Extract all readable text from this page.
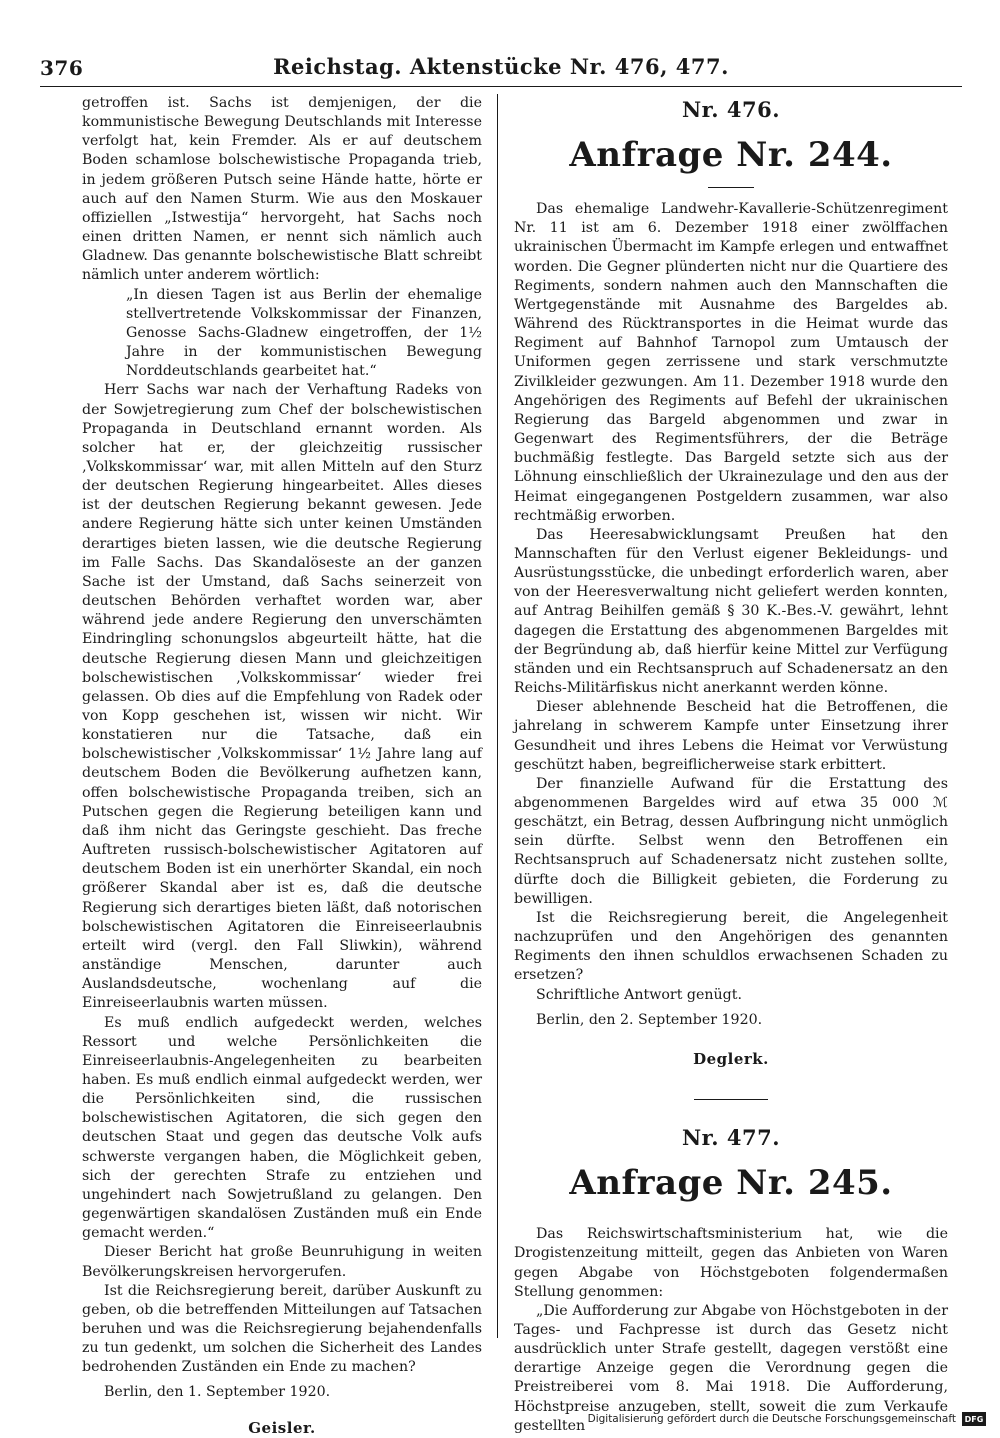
376	Reichstag. Aktenstücke Nr. 476, 477.

getroffen ist. Sachs ist demjenigen, der die kommunistische Bewegung Deutschlands mit Interesse verfolgt hat, kein Fremder. Als er auf deutschem Boden schamlose bolschewistische Propaganda trieb, in jedem größeren Putsch seine Hände hatte, hörte er auch auf den Namen Sturm. Wie aus den Moskauer offiziellen „Istwestija“ hervorgeht, hat Sachs noch einen dritten Namen, er nennt sich nämlich auch Gladnew. Das genannte bolschewistische Blatt schreibt nämlich unter anderem wörtlich:

„In diesen Tagen ist aus Berlin der ehemalige stellvertretende Volkskommissar der Finanzen, Genosse Sachs-Gladnew eingetroffen, der 1½ Jahre in der kommunistischen Bewegung Norddeutschlands gearbeitet hat.“

Herr Sachs war nach der Verhaftung Radeks von der Sowjetregierung zum Chef der bolschewistischen Propaganda in Deutschland ernannt worden. Als solcher hat er, der gleichzeitig russischer ‚Volkskommissar‘ war, mit allen Mitteln auf den Sturz der deutschen Regierung hingearbeitet. Alles dieses ist der deutschen Regierung bekannt gewesen. Jede andere Regierung hätte sich unter keinen Umständen derartiges bieten lassen, wie die deutsche Regierung im Falle Sachs. Das Skandalöseste an der ganzen Sache ist der Umstand, daß Sachs seinerzeit von deutschen Behörden verhaftet worden war, aber während jede andere Regierung den unverschämten Eindringling schonungslos abgeurteilt hätte, hat die deutsche Regierung diesen Mann und gleichzeitigen bolschewistischen ‚Volkskommissar‘ wieder frei gelassen. Ob dies auf die Empfehlung von Radek oder von Kopp geschehen ist, wissen wir nicht. Wir konstatieren nur die Tatsache, daß ein bolschewistischer ‚Volkskommissar‘ 1½ Jahre lang auf deutschem Boden die Bevölkerung aufhetzen kann, offen bolschewistische Propaganda treiben, sich an Putschen gegen die Regierung beteiligen kann und daß ihm nicht das Geringste geschieht. Das freche Auftreten russisch-bolschewistischer Agitatoren auf deutschem Boden ist ein unerhörter Skandal, ein noch größerer Skandal aber ist es, daß die deutsche Regierung sich derartiges bieten läßt, daß notorischen bolschewistischen Agitatoren die Einreiseerlaubnis erteilt wird (vergl. den Fall Sliwkin), während anständige Menschen, darunter auch Auslandsdeutsche, wochenlang auf die Einreiseerlaubnis warten müssen.

Es muß endlich aufgedeckt werden, welches Ressort und welche Persönlichkeiten die Einreiseerlaubnis-Angelegenheiten zu bearbeiten haben. Es muß endlich einmal aufgedeckt werden, wer die Persönlichkeiten sind, die russischen bolschewistischen Agitatoren, die sich gegen den deutschen Staat und gegen das deutsche Volk aufs schwerste vergangen haben, die Möglichkeit geben, sich der gerechten Strafe zu entziehen und ungehindert nach Sowjetrußland zu gelangen. Den gegenwärtigen skandalösen Zuständen muß ein Ende gemacht werden.“

Dieser Bericht hat große Beunruhigung in weiten Bevölkerungskreisen hervorgerufen.

Ist die Reichsregierung bereit, darüber Auskunft zu geben, ob die betreffenden Mitteilungen auf Tatsachen beruhen und was die Reichsregierung bejahendenfalls zu tun gedenkt, um solchen die Sicherheit des Landes bedrohenden Zuständen ein Ende zu machen?

Berlin, den 1. September 1920.

Geisler.

Nr. 476.
Anfrage Nr. 244.

Das ehemalige Landwehr-Kavallerie-Schützenregiment Nr. 11 ist am 6. Dezember 1918 einer zwölffachen ukrainischen Übermacht im Kampfe erlegen und entwaffnet worden. Die Gegner plünderten nicht nur die Quartiere des Regiments, sondern nahmen auch den Mannschaften die Wertgegenstände mit Ausnahme des Bargeldes ab. Während des Rücktransportes in die Heimat wurde das Regiment auf Bahnhof Tarnopol zum Umtausch der Uniformen gegen zerrissene und stark verschmutzte Zivilkleider gezwungen. Am 11. Dezember 1918 wurde den Angehörigen des Regiments auf Befehl der ukrainischen Regierung das Bargeld abgenommen und zwar in Gegenwart des Regimentsführers, der die Beträge buchmäßig festlegte. Das Bargeld setzte sich aus der Löhnung einschließlich der Ukrainezulage und den aus der Heimat eingegangenen Postgeldern zusammen, war also rechtmäßig erworben.

Das Heeresabwicklungsamt Preußen hat den Mannschaften für den Verlust eigener Bekleidungs- und Ausrüstungsstücke, die unbedingt erforderlich waren, aber von der Heeresverwaltung nicht geliefert werden konnten, auf Antrag Beihilfen gemäß § 30 K.-Bes.-V. gewährt, lehnt dagegen die Erstattung des abgenommenen Bargeldes mit der Begründung ab, daß hierfür keine Mittel zur Verfügung ständen und ein Rechtsanspruch auf Schadenersatz an den Reichs-Militärfiskus nicht anerkannt werden könne.

Dieser ablehnende Bescheid hat die Betroffenen, die jahrelang in schwerem Kampfe unter Einsetzung ihrer Gesundheit und ihres Lebens die Heimat vor Verwüstung geschützt haben, begreiflicherweise stark erbittert.

Der finanzielle Aufwand für die Erstattung des abgenommenen Bargeldes wird auf etwa 35 000 ℳ geschätzt, ein Betrag, dessen Aufbringung nicht unmöglich sein dürfte. Selbst wenn den Betroffenen ein Rechtsanspruch auf Schadenersatz nicht zustehen sollte, dürfte doch die Billigkeit gebieten, die Forderung zu bewilligen.

Ist die Reichsregierung bereit, die Angelegenheit nachzuprüfen und den Angehörigen des genannten Regiments den ihnen schuldlos erwachsenen Schaden zu ersetzen?

Schriftliche Antwort genügt.

Berlin, den 2. September 1920.

Deglerk.
Nr. 477.
Anfrage Nr. 245.

Das Reichswirtschaftsministerium hat, wie die Drogistenzeitung mitteilt, gegen das Anbieten von Waren gegen Abgabe von Höchstgeboten folgendermaßen Stellung genommen:

„Die Aufforderung zur Abgabe von Höchstgeboten in der Tages- und Fachpresse ist durch das Gesetz nicht ausdrücklich unter Strafe gestellt, dagegen verstößt eine derartige Anzeige gegen die Verordnung gegen die Preistreiberei vom 8. Mai 1918. Die Aufforderung, Höchstpreise anzugeben, stellt, soweit die zum Verkaufe gestellten Digitalisierung gefördert durch die Deutsche Forschungsgemeinschaft	DFG
